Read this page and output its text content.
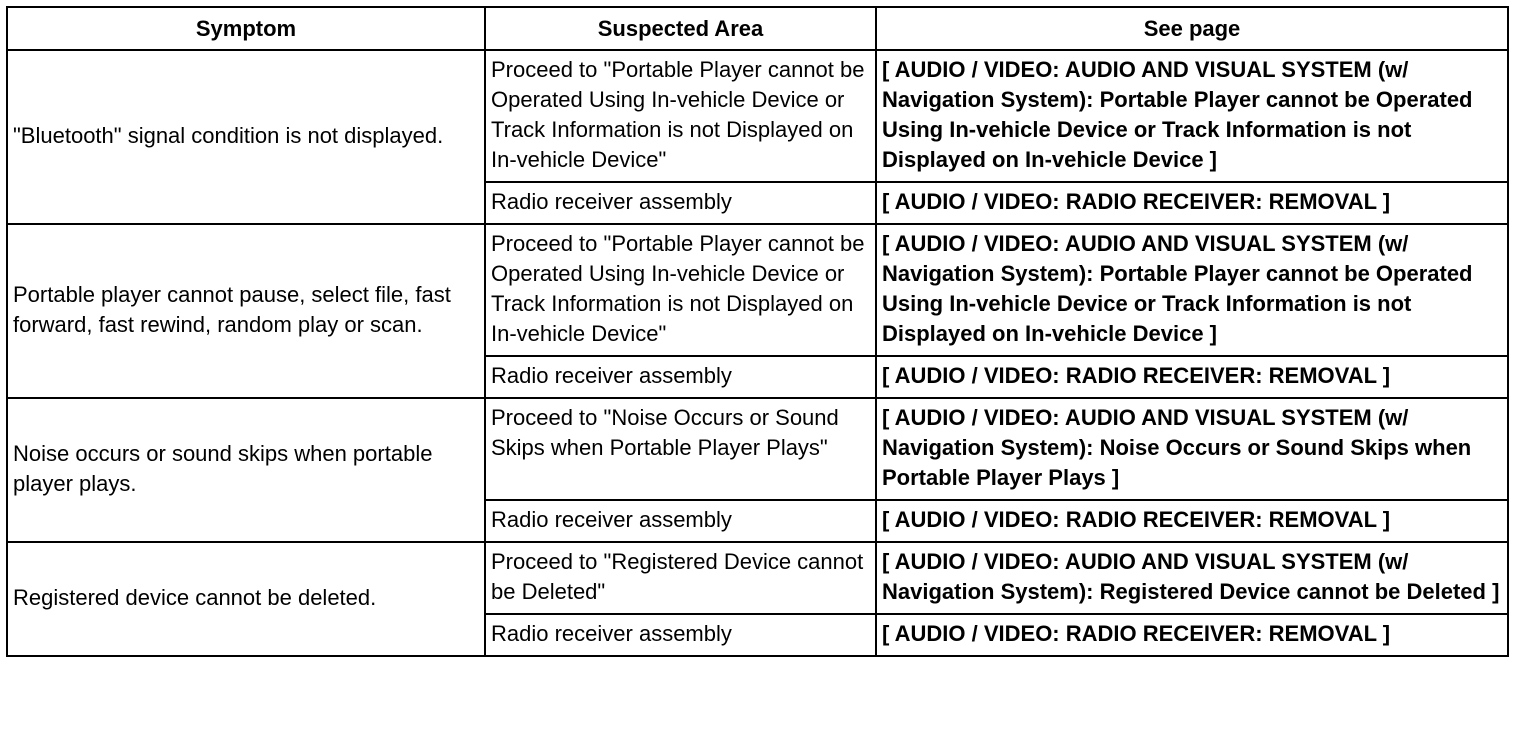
Symptom	Suspected Area	See page
"Bluetooth" signal condition is not displayed.	Proceed to "Portable Player cannot be Operated Using In-vehicle Device or Track Information is not Displayed on In-vehicle Device"	[ AUDIO / VIDEO: AUDIO AND VISUAL SYSTEM (w/ Navigation System): Portable Player cannot be Operated Using In-vehicle Device or Track Information is not Displayed on In-vehicle Device ]
	Radio receiver assembly	[ AUDIO / VIDEO: RADIO RECEIVER: REMOVAL ]
Portable player cannot pause, select file, fast forward, fast rewind, random play or scan.	Proceed to "Portable Player cannot be Operated Using In-vehicle Device or Track Information is not Displayed on In-vehicle Device"	[ AUDIO / VIDEO: AUDIO AND VISUAL SYSTEM (w/ Navigation System): Portable Player cannot be Operated Using In-vehicle Device or Track Information is not Displayed on In-vehicle Device ]
	Radio receiver assembly	[ AUDIO / VIDEO: RADIO RECEIVER: REMOVAL ]
Noise occurs or sound skips when portable player plays.	Proceed to "Noise Occurs or Sound Skips when Portable Player Plays"	[ AUDIO / VIDEO: AUDIO AND VISUAL SYSTEM (w/ Navigation System): Noise Occurs or Sound Skips when Portable Player Plays ]
	Radio receiver assembly	[ AUDIO / VIDEO: RADIO RECEIVER: REMOVAL ]
Registered device cannot be deleted.	Proceed to "Registered Device cannot be Deleted"	[ AUDIO / VIDEO: AUDIO AND VISUAL SYSTEM (w/ Navigation System): Registered Device cannot be Deleted ]
	Radio receiver assembly	[ AUDIO / VIDEO: RADIO RECEIVER: REMOVAL ]
